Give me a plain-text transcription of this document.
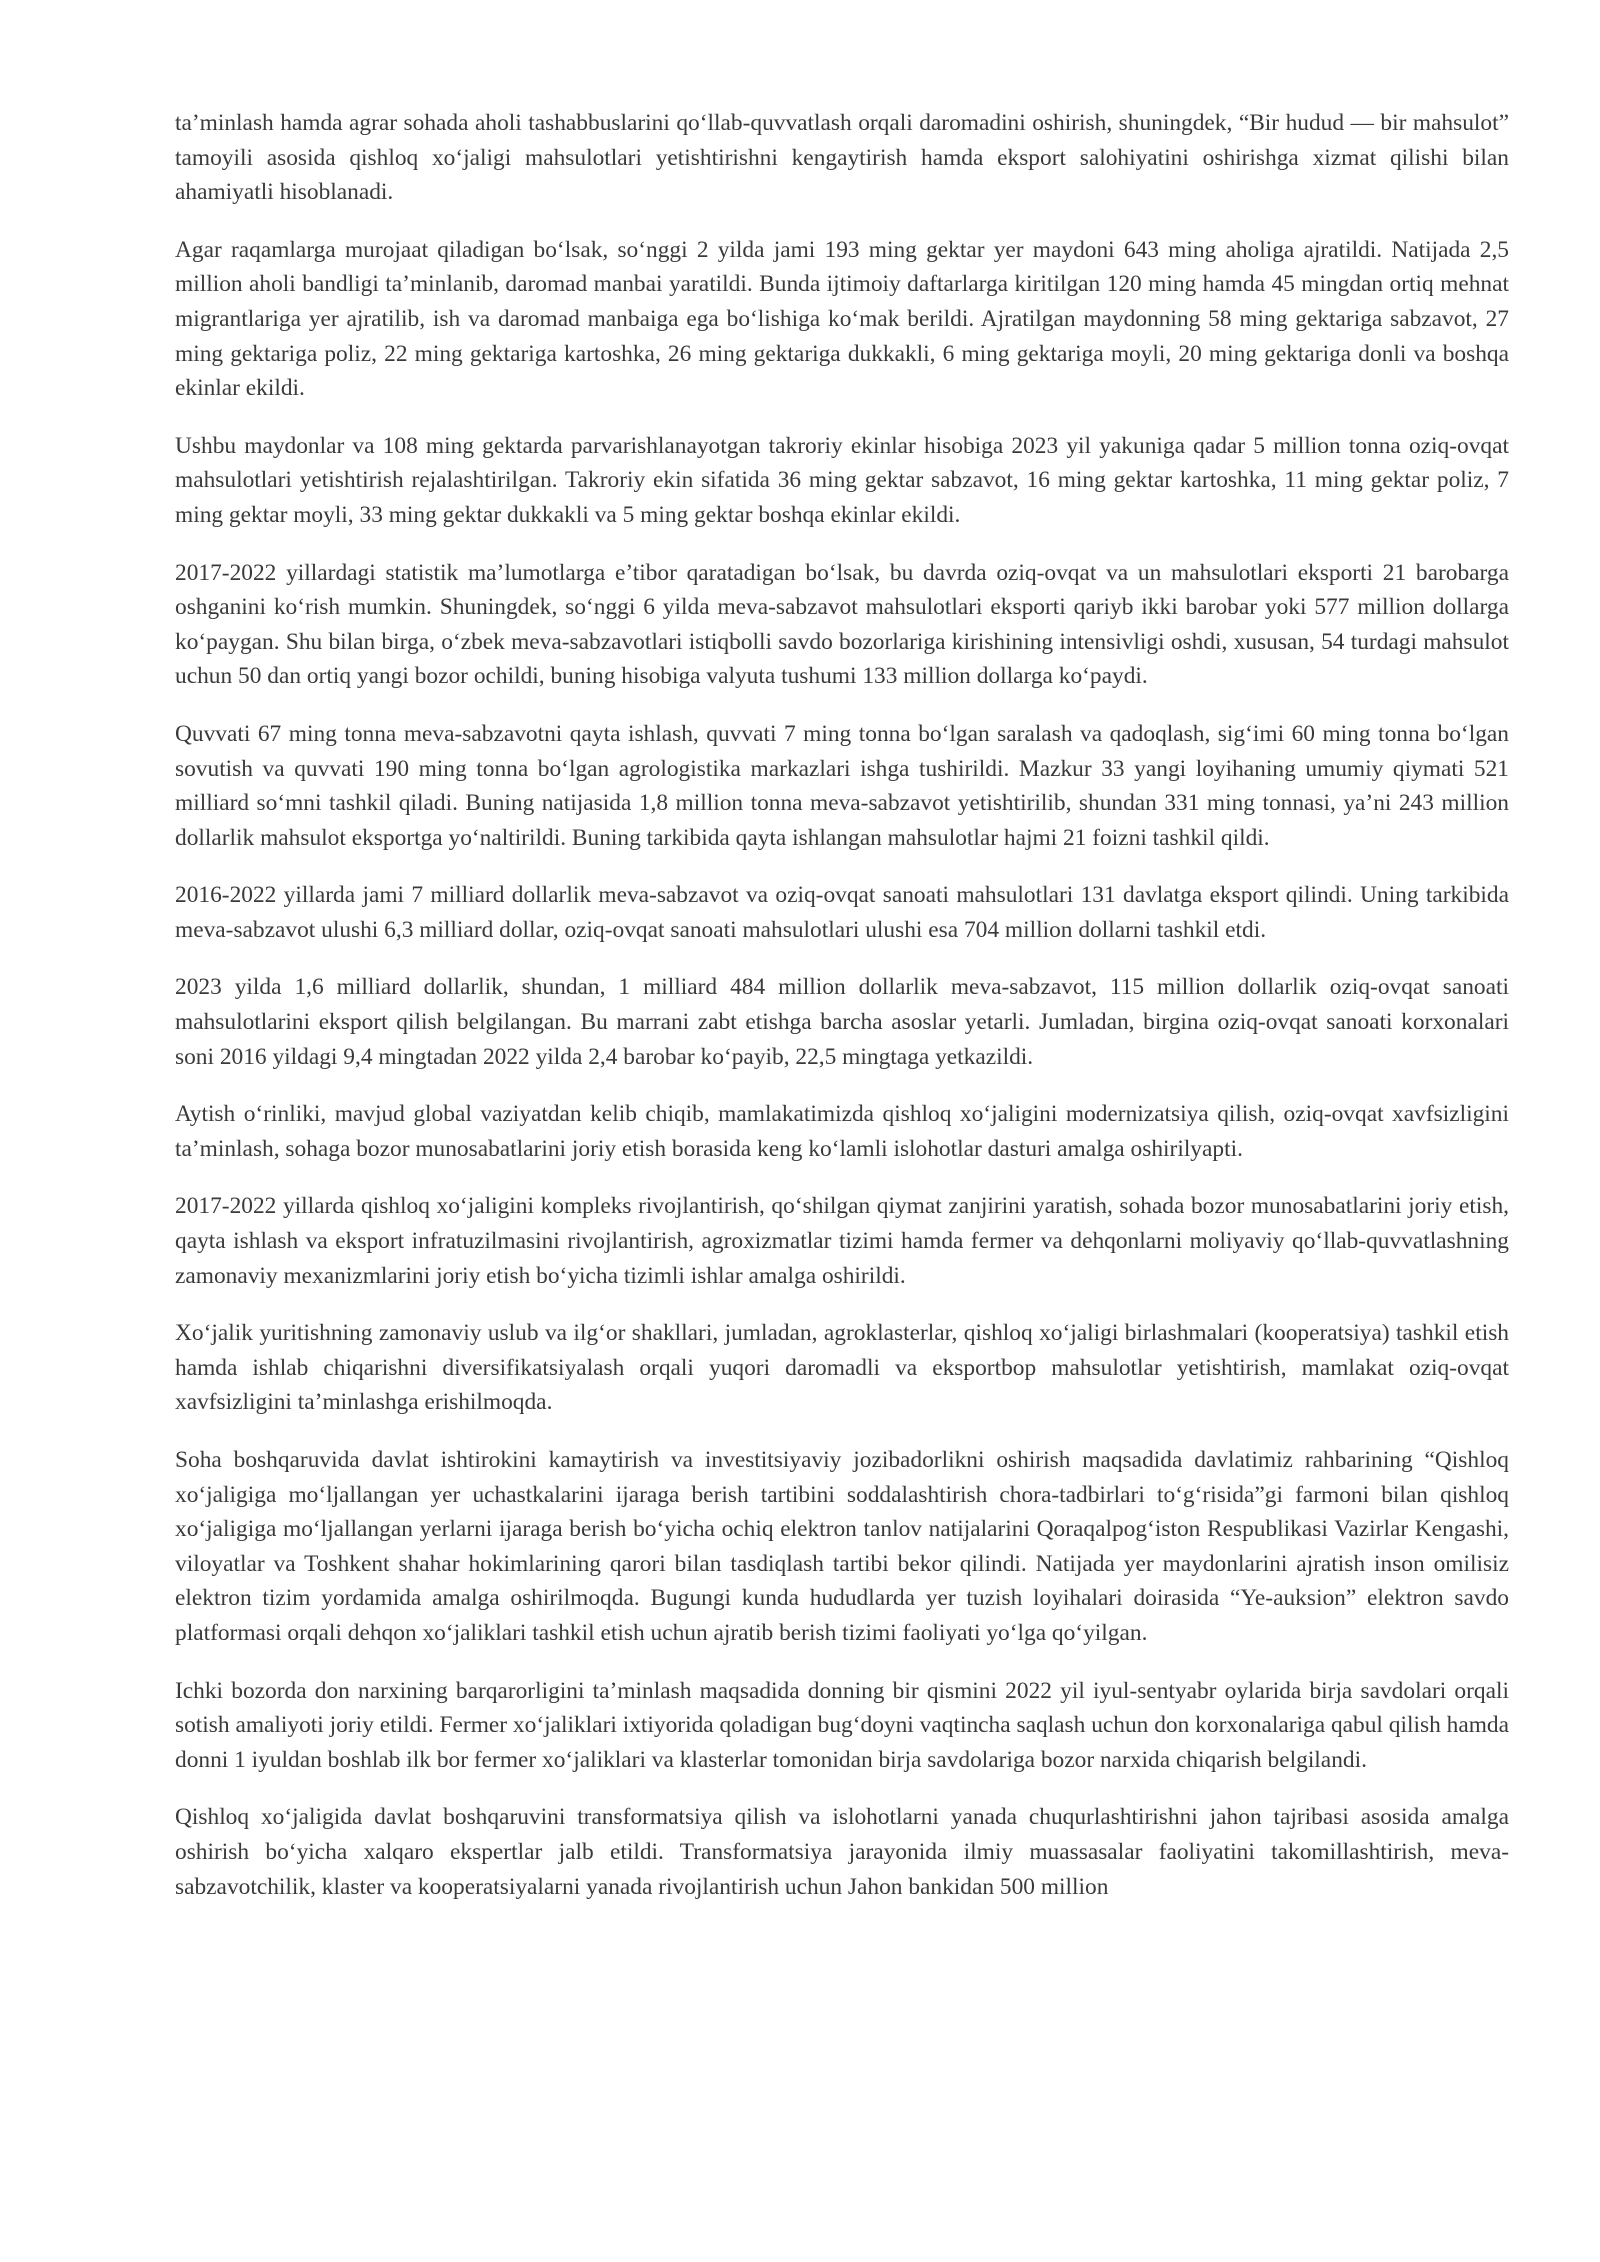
ta’minlash hamda agrar sohada aholi tashabbuslarini qo‘llab-quvvatlash orqali daromadini oshirish, shuningdek, “Bir hudud — bir mahsulot” tamoyili asosida qishloq xo‘jaligi mahsulotlari yetishtirishni kengaytirish hamda eksport salohiyatini oshirishga xizmat qilishi bilan ahamiyatli hisoblanadi.

Agar raqamlarga murojaat qiladigan bo‘lsak, so‘nggi 2 yilda jami 193 ming gektar yer maydoni 643 ming aholiga ajratildi. Natijada 2,5 million aholi bandligi ta’minlanib, daromad manbai yaratildi. Bunda ijtimoiy daftarlarga kiritilgan 120 ming hamda 45 mingdan ortiq mehnat migrantlariga yer ajratilib, ish va daromad manbaiga ega bo‘lishiga ko‘mak berildi. Ajratilgan maydonning 58 ming gektariga sabzavot, 27 ming gektariga poliz, 22 ming gektariga kartoshka, 26 ming gektariga dukkakli, 6 ming gektariga moyli, 20 ming gektariga donli va boshqa ekinlar ekildi.

Ushbu maydonlar va 108 ming gektarda parvarishlanayotgan takroriy ekinlar hisobiga 2023 yil yakuniga qadar 5 million tonna oziq-ovqat mahsulotlari yetishtirish rejalashtirilgan. Takroriy ekin sifatida 36 ming gektar sabzavot, 16 ming gektar kartoshka, 11 ming gektar poliz, 7 ming gektar moyli, 33 ming gektar dukkakli va 5 ming gektar boshqa ekinlar ekildi.

2017-2022 yillardagi statistik ma’lumotlarga e’tibor qaratadigan bo‘lsak, bu davrda oziq-ovqat va un mahsulotlari eksporti 21 barobarga oshganini ko‘rish mumkin. Shuningdek, so‘nggi 6 yilda meva-sabzavot mahsulotlari eksporti qariyb ikki barobar yoki 577 million dollarga ko‘paygan. Shu bilan birga, o‘zbek meva-sabzavotlari istiqbolli savdo bozorlariga kirishining intensivligi oshdi, xususan, 54 turdagi mahsulot uchun 50 dan ortiq yangi bozor ochildi, buning hisobiga valyuta tushumi 133 million dollarga ko‘paydi.

Quvvati 67 ming tonna meva-sabzavotni qayta ishlash, quvvati 7 ming tonna bo‘lgan saralash va qadoqlash, sig‘imi 60 ming tonna bo‘lgan sovutish va quvvati 190 ming tonna bo‘lgan agrologistika markazlari ishga tushirildi. Mazkur 33 yangi loyihaning umumiy qiymati 521 milliard so‘mni tashkil qiladi. Buning natijasida 1,8 million tonna meva-sabzavot yetishtirilib, shundan 331 ming tonnasi, ya’ni 243 million dollarlik mahsulot eksportga yo‘naltirildi. Buning tarkibida qayta ishlangan mahsulotlar hajmi 21 foizni tashkil qildi.

2016-2022 yillarda jami 7 milliard dollarlik meva-sabzavot va oziq-ovqat sanoati mahsulotlari 131 davlatga eksport qilindi. Uning tarkibida meva-sabzavot ulushi 6,3 milliard dollar, oziq-ovqat sanoati mahsulotlari ulushi esa 704 million dollarni tashkil etdi.

2023 yilda 1,6 milliard dollarlik, shundan, 1 milliard 484 million dollarlik meva-sabzavot, 115 million dollarlik oziq-ovqat sanoati mahsulotlarini eksport qilish belgilangan. Bu marrani zabt etishga barcha asoslar yetarli. Jumladan, birgina oziq-ovqat sanoati korxonalari soni 2016 yildagi 9,4 mingtadan 2022 yilda 2,4 barobar ko‘payib, 22,5 mingtaga yetkazildi.

Aytish o‘rinliki, mavjud global vaziyatdan kelib chiqib, mamlakatimizda qishloq xo‘jaligini modernizatsiya qilish, oziq-ovqat xavfsizligini ta’minlash, sohaga bozor munosabatlarini joriy etish borasida keng ko‘lamli islohotlar dasturi amalga oshirilyapti.

2017-2022 yillarda qishloq xo‘jaligini kompleks rivojlantirish, qo‘shilgan qiymat zanjirini yaratish, sohada bozor munosabatlarini joriy etish, qayta ishlash va eksport infratuzilmasini rivojlantirish, agroxizmatlar tizimi hamda fermer va dehqonlarni moliyaviy qo‘llab-quvvatlashning zamonaviy mexanizmlarini joriy etish bo‘yicha tizimli ishlar amalga oshirildi.

Xo‘jalik yuritishning zamonaviy uslub va ilg‘or shakllari, jumladan, agroklasterlar, qishloq xo‘jaligi birlashmalari (kooperatsiya) tashkil etish hamda ishlab chiqarishni diversifikatsiyalash orqali yuqori daromadli va eksportbop mahsulotlar yetishtirish, mamlakat oziq-ovqat xavfsizligini ta’minlashga erishilmoqda.

Soha boshqaruvida davlat ishtirokini kamaytirish va investitsiyaviy jozibadorlikni oshirish maqsadida davlatimiz rahbarining “Qishloq xo‘jaligiga mo‘ljallangan yer uchastkalarini ijaraga berish tartibini soddalashtirish chora-tadbirlari to‘g‘risida”gi farmoni bilan qishloq xo‘jaligiga mo‘ljallangan yerlarni ijaraga berish bo‘yicha ochiq elektron tanlov natijalarini Qoraqalpog‘iston Respublikasi Vazirlar Kengashi, viloyatlar va Toshkent shahar hokimlarining qarori bilan tasdiqlash tartibi bekor qilindi. Natijada yer maydonlarini ajratish inson omilisiz elektron tizim yordamida amalga oshirilmoqda. Bugungi kunda hududlarda yer tuzish loyihalari doirasida “Ye-auksion” elektron savdo platformasi orqali dehqon xo‘jaliklari tashkil etish uchun ajratib berish tizimi faoliyati yo‘lga qo‘yilgan.

Ichki bozorda don narxining barqarorligini ta’minlash maqsadida donning bir qismini 2022 yil iyul-sentyabr oylarida birja savdolari orqali sotish amaliyoti joriy etildi. Fermer xo‘jaliklari ixtiyorida qoladigan bug‘doyni vaqtincha saqlash uchun don korxonalariga qabul qilish hamda donni 1 iyuldan boshlab ilk bor fermer xo‘jaliklari va klasterlar tomonidan birja savdolariga bozor narxida chiqarish belgilandi.

Qishloq xo‘jaligida davlat boshqaruvini transformatsiya qilish va islohotlarni yanada chuqurlashtirishni jahon tajribasi asosida amalga oshirish bo‘yicha xalqaro ekspertlar jalb etildi. Transformatsiya jarayonida ilmiy muassasalar faoliyatini takomillashtirish, meva-sabzavotchilik, klaster va kooperatsiyalarni yanada rivojlantirish uchun Jahon bankidan 500 million
